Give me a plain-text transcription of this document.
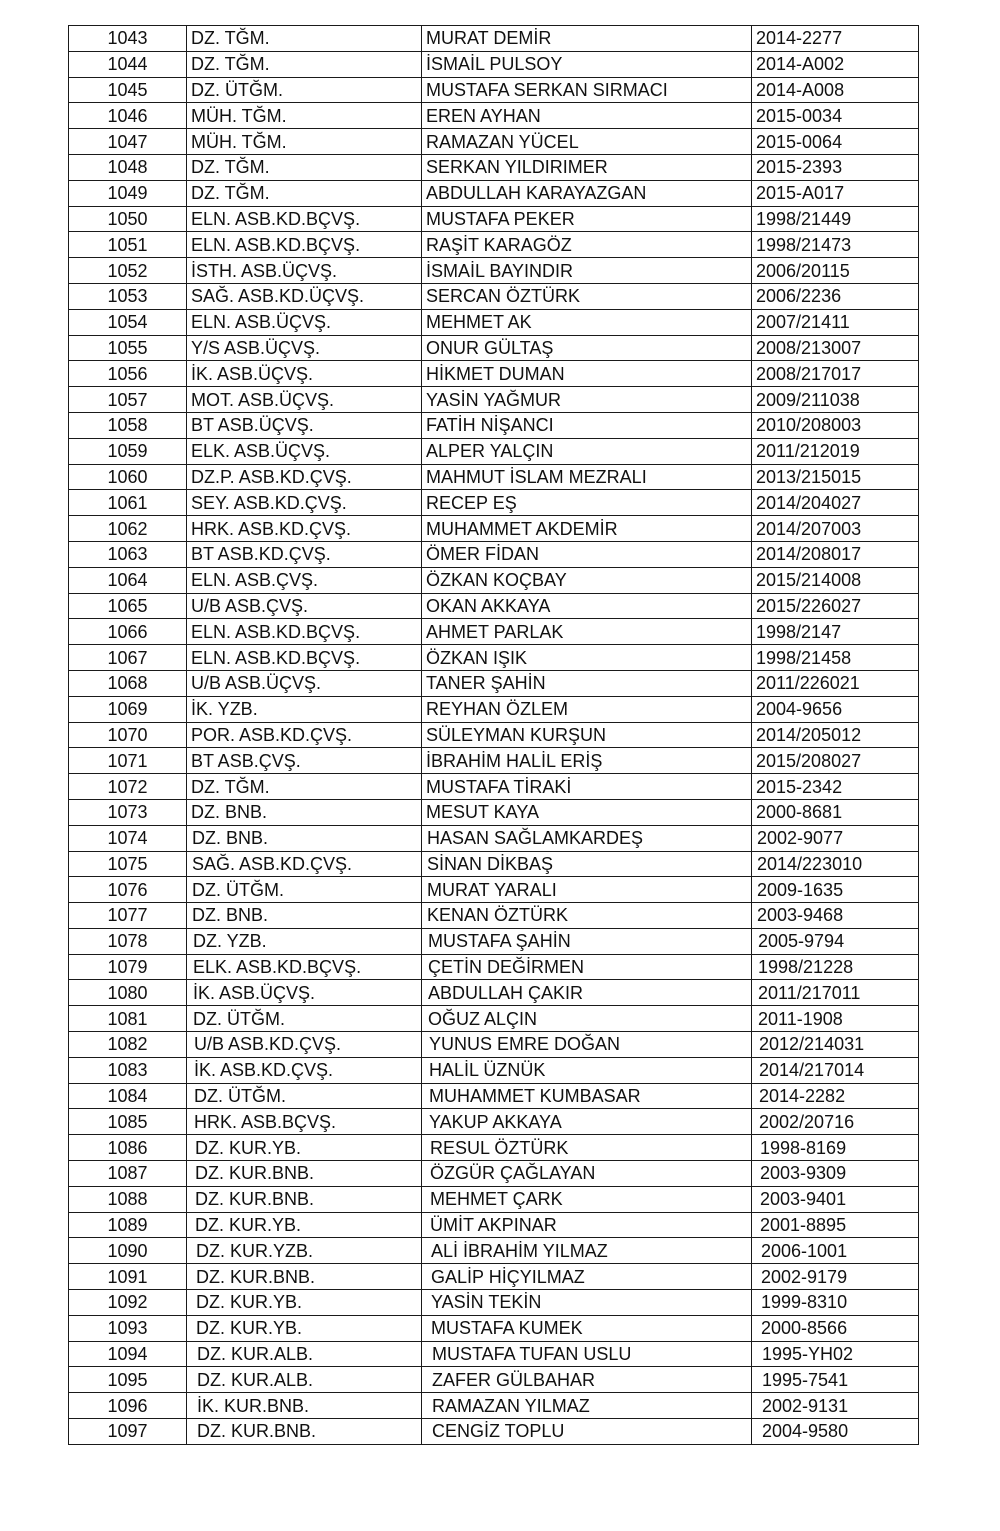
1043	DZ. TĞM.	MURAT DEMİR	2014-2277
1044	DZ. TĞM.	İSMAİL PULSOY	2014-A002
1045	DZ. ÜTĞM.	MUSTAFA SERKAN SIRMACI	2014-A008
1046	MÜH. TĞM.	EREN AYHAN	2015-0034
1047	MÜH. TĞM.	RAMAZAN YÜCEL	2015-0064
1048	DZ. TĞM.	SERKAN YILDIRIMER	2015-2393
1049	DZ. TĞM.	ABDULLAH KARAYAZGAN	2015-A017
1050	ELN. ASB.KD.BÇVŞ.	MUSTAFA PEKER	1998/21449
1051	ELN. ASB.KD.BÇVŞ.	RAŞİT KARAGÖZ	1998/21473
1052	İSTH. ASB.ÜÇVŞ.	İSMAİL BAYINDIR	2006/20115
1053	SAĞ. ASB.KD.ÜÇVŞ.	SERCAN ÖZTÜRK	2006/2236
1054	ELN. ASB.ÜÇVŞ.	MEHMET AK	2007/21411
1055	Y/S ASB.ÜÇVŞ.	ONUR GÜLTAŞ	2008/213007
1056	İK. ASB.ÜÇVŞ.	HİKMET DUMAN	2008/217017
1057	MOT. ASB.ÜÇVŞ.	YASİN YAĞMUR	2009/211038
1058	BT ASB.ÜÇVŞ.	FATİH NİŞANCI	2010/208003
1059	ELK. ASB.ÜÇVŞ.	ALPER YALÇIN	2011/212019
1060	DZ.P. ASB.KD.ÇVŞ.	MAHMUT İSLAM MEZRALI	2013/215015
1061	SEY. ASB.KD.ÇVŞ.	RECEP EŞ	2014/204027
1062	HRK. ASB.KD.ÇVŞ.	MUHAMMET AKDEMİR	2014/207003
1063	BT ASB.KD.ÇVŞ.	ÖMER FİDAN	2014/208017
1064	ELN. ASB.ÇVŞ.	ÖZKAN KOÇBAY	2015/214008
1065	U/B ASB.ÇVŞ.	OKAN AKKAYA	2015/226027
1066	ELN. ASB.KD.BÇVŞ.	AHMET PARLAK	1998/2147
1067	ELN. ASB.KD.BÇVŞ.	ÖZKAN IŞIK	1998/21458
1068	U/B ASB.ÜÇVŞ.	TANER ŞAHİN	2011/226021
1069	İK. YZB.	REYHAN ÖZLEM	2004-9656
1070	POR. ASB.KD.ÇVŞ.	SÜLEYMAN KURŞUN	2014/205012
1071	BT ASB.ÇVŞ.	İBRAHİM HALİL ERİŞ	2015/208027
1072	DZ. TĞM.	MUSTAFA TİRAKİ	2015-2342
1073	DZ. BNB.	MESUT KAYA	2000-8681
1074	DZ. BNB.	HASAN SAĞLAMKARDEŞ	2002-9077
1075	SAĞ. ASB.KD.ÇVŞ.	SİNAN DİKBAŞ	2014/223010
1076	DZ. ÜTĞM.	MURAT YARALI	2009-1635
1077	DZ. BNB.	KENAN ÖZTÜRK	2003-9468
1078	DZ. YZB.	MUSTAFA ŞAHİN	2005-9794
1079	ELK. ASB.KD.BÇVŞ.	ÇETİN DEĞİRMEN	1998/21228
1080	İK. ASB.ÜÇVŞ.	ABDULLAH ÇAKIR	2011/217011
1081	DZ. ÜTĞM.	OĞUZ ALÇIN	2011-1908
1082	U/B ASB.KD.ÇVŞ.	YUNUS EMRE DOĞAN	2012/214031
1083	İK. ASB.KD.ÇVŞ.	HALİL ÜZNÜK	2014/217014
1084	DZ. ÜTĞM.	MUHAMMET KUMBASAR	2014-2282
1085	HRK. ASB.BÇVŞ.	YAKUP AKKAYA	2002/20716
1086	DZ. KUR.YB.	RESUL ÖZTÜRK	1998-8169
1087	DZ. KUR.BNB.	ÖZGÜR ÇAĞLAYAN	2003-9309
1088	DZ. KUR.BNB.	MEHMET ÇARK	2003-9401
1089	DZ. KUR.YB.	ÜMİT AKPINAR	2001-8895
1090	DZ. KUR.YZB.	ALİ İBRAHİM YILMAZ	2006-1001
1091	DZ. KUR.BNB.	GALİP HİÇYILMAZ	2002-9179
1092	DZ. KUR.YB.	YASİN TEKİN	1999-8310
1093	DZ. KUR.YB.	MUSTAFA KUMEK	2000-8566
1094	DZ. KUR.ALB.	MUSTAFA TUFAN USLU	1995-YH02
1095	DZ. KUR.ALB.	ZAFER GÜLBAHAR	1995-7541
1096	İK. KUR.BNB.	RAMAZAN YILMAZ	2002-9131
1097	DZ. KUR.BNB.	CENGİZ TOPLU	2004-9580
